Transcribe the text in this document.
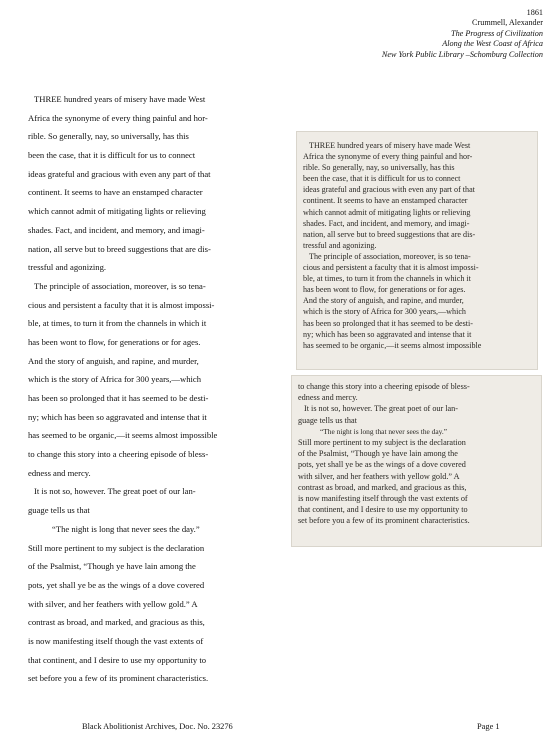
1861
Crummell, Alexander
The Progress of Civilization
Along the West Coast of Africa
New York Public Library –Schomburg Collection
THREE hundred years of misery have made West
Africa the synonyme of every thing painful and hor-
rible. So generally, nay, so universally, has this
been the case, that it is difficult for us to connect
ideas grateful and gracious with even any part of that
continent. It seems to have an enstamped character
which cannot admit of mitigating lights or relieving
shades. Fact, and incident, and memory, and imagi-
nation, all serve but to breed suggestions that are dis-
tressful and agonizing.
The principle of association, moreover, is so tena-
cious and persistent a faculty that it is almost impossi-
ble, at times, to turn it from the channels in which it
has been wont to flow, for generations or for ages.
And the story of anguish, and rapine, and murder,
which is the story of Africa for 300 years,—which
has been so prolonged that it has seemed to be desti-
ny; which has been so aggravated and intense that it
has seemed to be organic,—it seems almost impossible
to change this story into a cheering episode of bless-
edness and mercy.
It is not so, however. The great poet of our lan-
guage tells us that
“The night is long that never sees the day.”
Still more pertinent to my subject is the declaration
of the Psalmist, “Though ye have lain among the
pots, yet shall ye be as the wings of a dove covered
with silver, and her feathers with yellow gold.” A
contrast as broad, and marked, and gracious as this,
is now manifesting itself though the vast extents of
that continent, and I desire to use my opportunity to
set before you a few of its prominent characteristics.
THREE hundred years of misery have made West
Africa the synonyme of every thing painful and hor-
rible. So generally, nay, so universally, has this
been the case, that it is difficult for us to connect
ideas grateful and gracious with even any part of that
continent. It seems to have an enstamped character
which cannot admit of mitigating lights or relieving
shades. Fact, and incident, and memory, and imagi-
nation, all serve but to breed suggestions that are dis-
tressful and agonizing.
The principle of association, moreover, is so tena-
cious and persistent a faculty that it is almost impossi-
ble, at times, to turn it from the channels in which it
has been wont to flow, for generations or for ages.
And the story of anguish, and rapine, and murder,
which is the story of Africa for 300 years,—which
has been so prolonged that it has seemed to be desti-
ny; which has been so aggravated and intense that it
has seemed to be organic,—it seems almost impossible
to change this story into a cheering episode of bless-
edness and mercy.
It is not so, however. The great poet of our lan-
guage tells us that
“The night is long that never sees the day.”
Still more pertinent to my subject is the declaration
of the Psalmist, “Though ye have lain among the
pots, yet shall ye be as the wings of a dove covered
with silver, and her feathers with yellow gold.” A
contrast as broad, and marked, and gracious as this,
is now manifesting itself through the vast extents of
that continent, and I desire to use my opportunity to
set before you a few of its prominent characteristics.
Black Abolitionist Archives, Doc. No. 23276	Page 1
